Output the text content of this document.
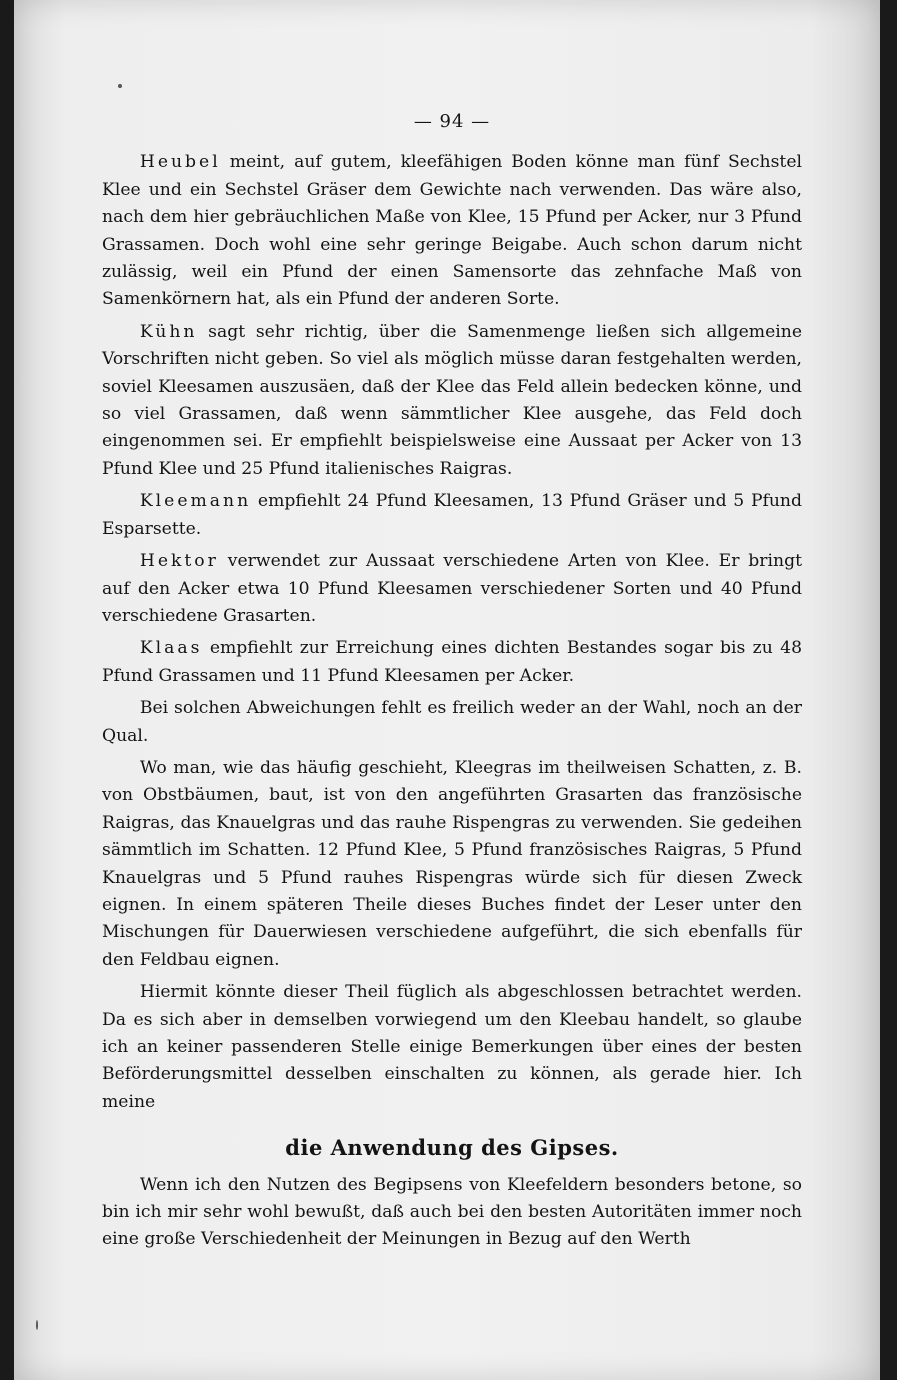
— 94 —

Heubel meint, auf gutem, kleefähigen Boden könne man fünf Sechstel Klee und ein Sechstel Gräser dem Gewichte nach verwenden. Das wäre also, nach dem hier gebräuchlichen Maße von Klee, 15 Pfund per Acker, nur 3 Pfund Grassamen. Doch wohl eine sehr geringe Beigabe. Auch schon darum nicht zulässig, weil ein Pfund der einen Samensorte das zehnfache Maß von Samenkörnern hat, als ein Pfund der anderen Sorte.

Kühn sagt sehr richtig, über die Samenmenge ließen sich allgemeine Vorschriften nicht geben. So viel als möglich müsse daran festgehalten werden, soviel Kleesamen auszusäen, daß der Klee das Feld allein bedecken könne, und so viel Grassamen, daß wenn sämmtlicher Klee ausgehe, das Feld doch eingenommen sei. Er empfiehlt beispielsweise eine Aussaat per Acker von 13 Pfund Klee und 25 Pfund italienisches Raigras.

Kleemann empfiehlt 24 Pfund Kleesamen, 13 Pfund Gräser und 5 Pfund Esparsette.

Hektor verwendet zur Aussaat verschiedene Arten von Klee. Er bringt auf den Acker etwa 10 Pfund Kleesamen verschiedener Sorten und 40 Pfund verschiedene Grasarten.

Klaas empfiehlt zur Erreichung eines dichten Bestandes sogar bis zu 48 Pfund Grassamen und 11 Pfund Kleesamen per Acker.

Bei solchen Abweichungen fehlt es freilich weder an der Wahl, noch an der Qual.

Wo man, wie das häufig geschieht, Kleegras im theilweisen Schatten, z. B. von Obstbäumen, baut, ist von den angeführten Grasarten das französische Raigras, das Knauelgras und das rauhe Rispengras zu verwenden. Sie gedeihen sämmtlich im Schatten. 12 Pfund Klee, 5 Pfund französisches Raigras, 5 Pfund Knauelgras und 5 Pfund rauhes Rispengras würde sich für diesen Zweck eignen. In einem späteren Theile dieses Buches findet der Leser unter den Mischungen für Dauerwiesen verschiedene aufgeführt, die sich ebenfalls für den Feldbau eignen.

Hiermit könnte dieser Theil füglich als abgeschlossen betrachtet werden. Da es sich aber in demselben vorwiegend um den Kleebau handelt, so glaube ich an keiner passenderen Stelle einige Bemerkungen über eines der besten Beförderungsmittel desselben einschalten zu können, als gerade hier. Ich meine

die Anwendung des Gipses.

Wenn ich den Nutzen des Begipsens von Kleefeldern besonders betone, so bin ich mir sehr wohl bewußt, daß auch bei den besten Autoritäten immer noch eine große Verschiedenheit der Meinungen in Bezug auf den Werth
